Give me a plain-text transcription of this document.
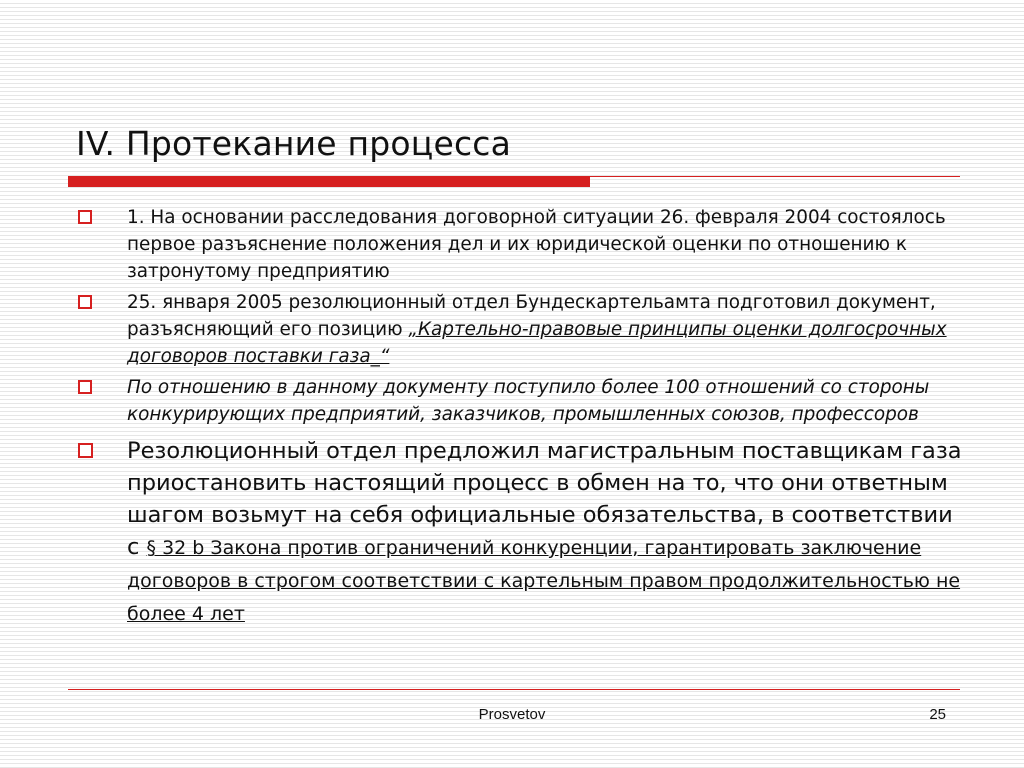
IV. Протекание процесса
1. На основании расследования договорной ситуации 26. февраля 2004 состоялось первое разъяснение положения дел и их юридической оценки по отношению к затронутому предприятию
25. января 2005 резолюционный отдел Бундескартельамта подготовил документ, разъясняющий его позицию „Картельно-правовые принципы оценки долгосрочных договоров поставки газа_“
По отношению в данному документу поступило более 100 отношений со стороны конкурирующих предприятий, заказчиков, промышленных союзов, профессоров
Резолюционный отдел предложил магистральным поставщикам газа приостановить настоящий процесс в обмен на то, что они ответным шагом возьмут на себя официальные обязательства, в соответствии с § 32 b Закона против ограничений конкуренции, гарантировать заключение договоров в строгом соответствии с картельным правом продолжительностью не более 4 лет
Prosvetov	25
